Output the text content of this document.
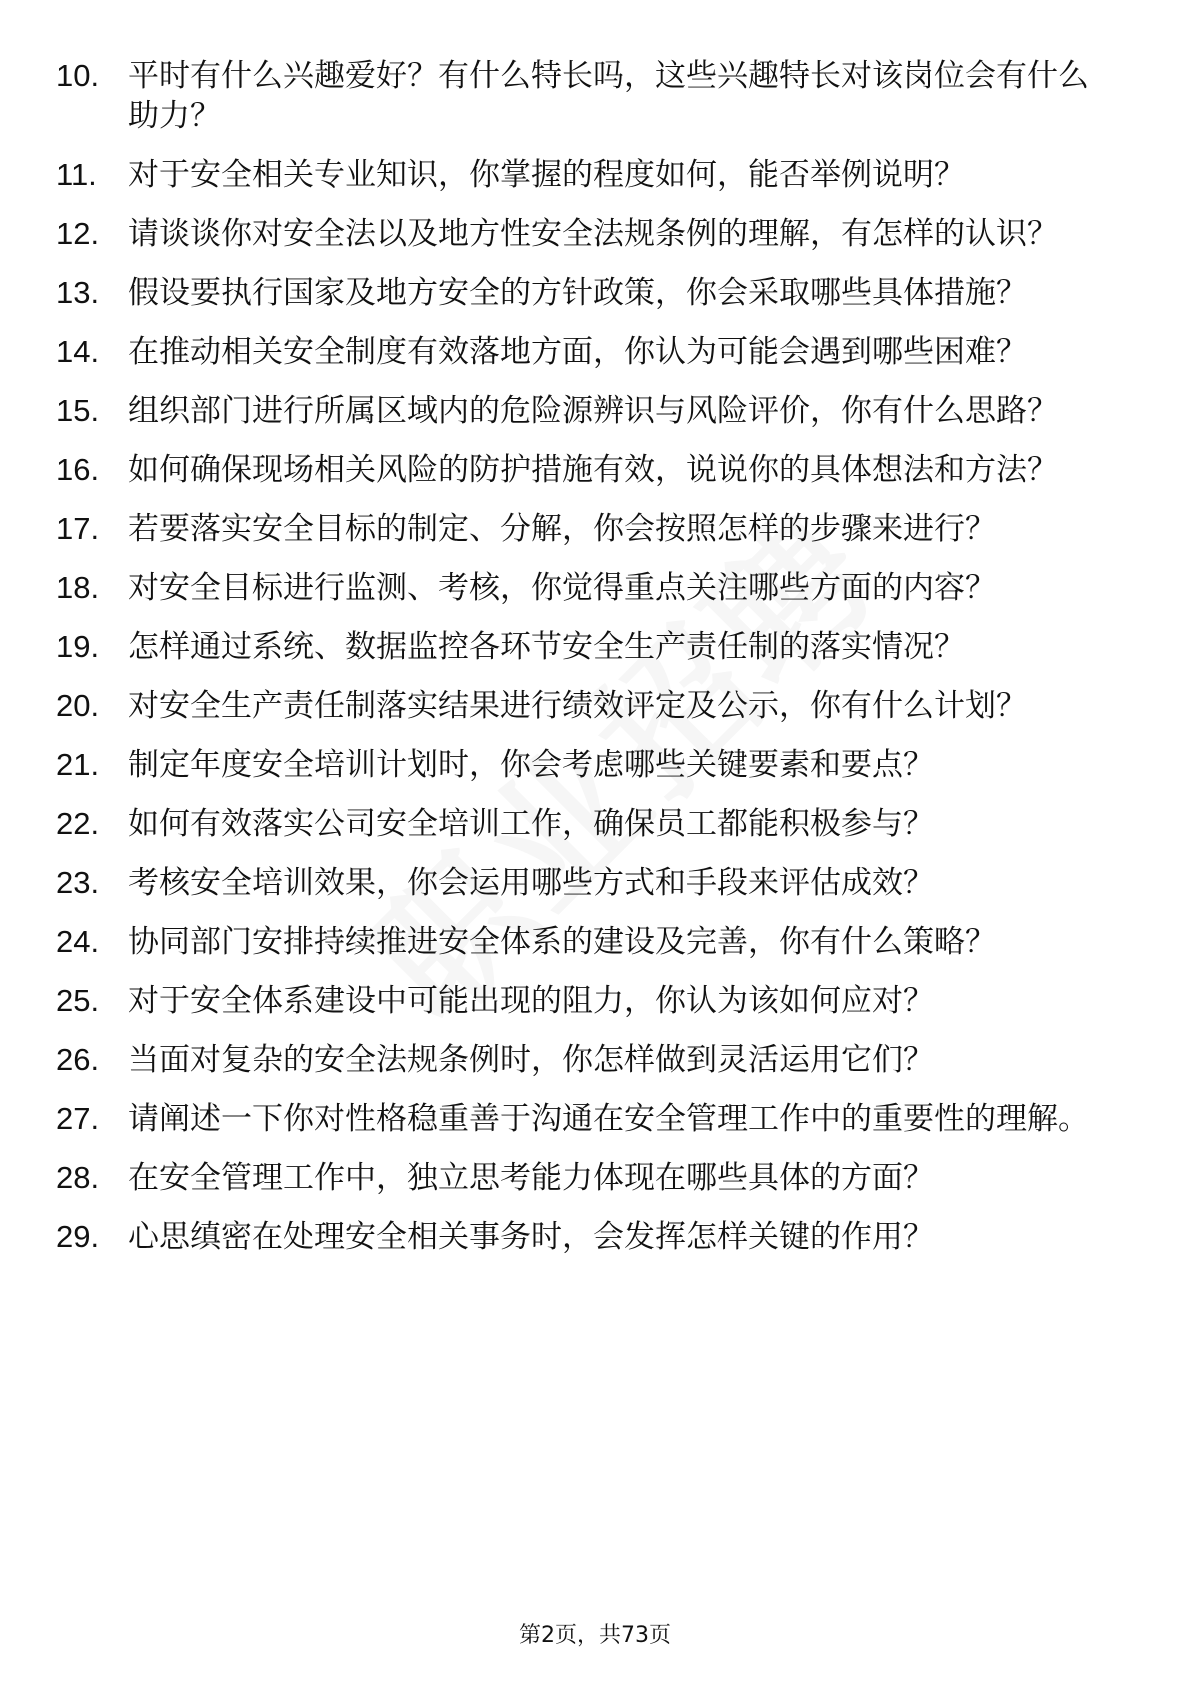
10. 平时有什么兴趣爱好？有什么特长吗，这些兴趣特长对该岗位会有什么助力？
11.	对于安全相关专业知识，你掌握的程度如何，能否举例说明？
12. 请谈谈你对安全法以及地方性安全法规条例的理解，有怎样的认识？
13. 假设要执行国家及地方安全的方针政策，你会采取哪些具体措施？
14. 在推动相关安全制度有效落地方面，你认为可能会遇到哪些困难？
15. 组织部门进行所属区域内的危险源辨识与风险评价，你有什么思路？
16. 如何确保现场相关风险的防护措施有效，说说你的具体想法和方法？
17. 若要落实安全目标的制定、分解，你会按照怎样的步骤来进行？
18. 对安全目标进行监测、考核，你觉得重点关注哪些方面的内容？
19. 怎样通过系统、数据监控各环节安全生产责任制的落实情况？
20. 对安全生产责任制落实结果进行绩效评定及公示，你有什么计划？
21. 制定年度安全培训计划时，你会考虑哪些关键要素和要点？
22. 如何有效落实公司安全培训工作，确保员工都能积极参与？
23. 考核安全培训效果，你会运用哪些方式和手段来评估成效？
24. 协同部门安排持续推进安全体系的建设及完善，你有什么策略？
25. 对于安全体系建设中可能出现的阻力，你认为该如何应对？
26. 当面对复杂的安全法规条例时，你怎样做到灵活运用它们？
27. 请阐述一下你对性格稳重善于沟通在安全管理工作中的重要性的理解。
28. 在安全管理工作中，独立思考能力体现在哪些具体的方面？
29. 心思缜密在处理安全相关事务时，会发挥怎样关键的作用？
第2页，共73页
